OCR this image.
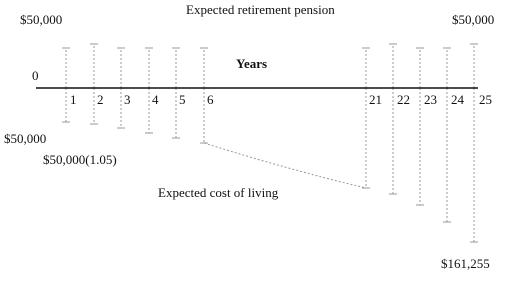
$50,000
Expected retirement pension
$50,000
0
Years
1 2 3 4 5 6	21 22 23 24 25
$50,000
$50,000(1.05)
Expected cost of living
$161,255
